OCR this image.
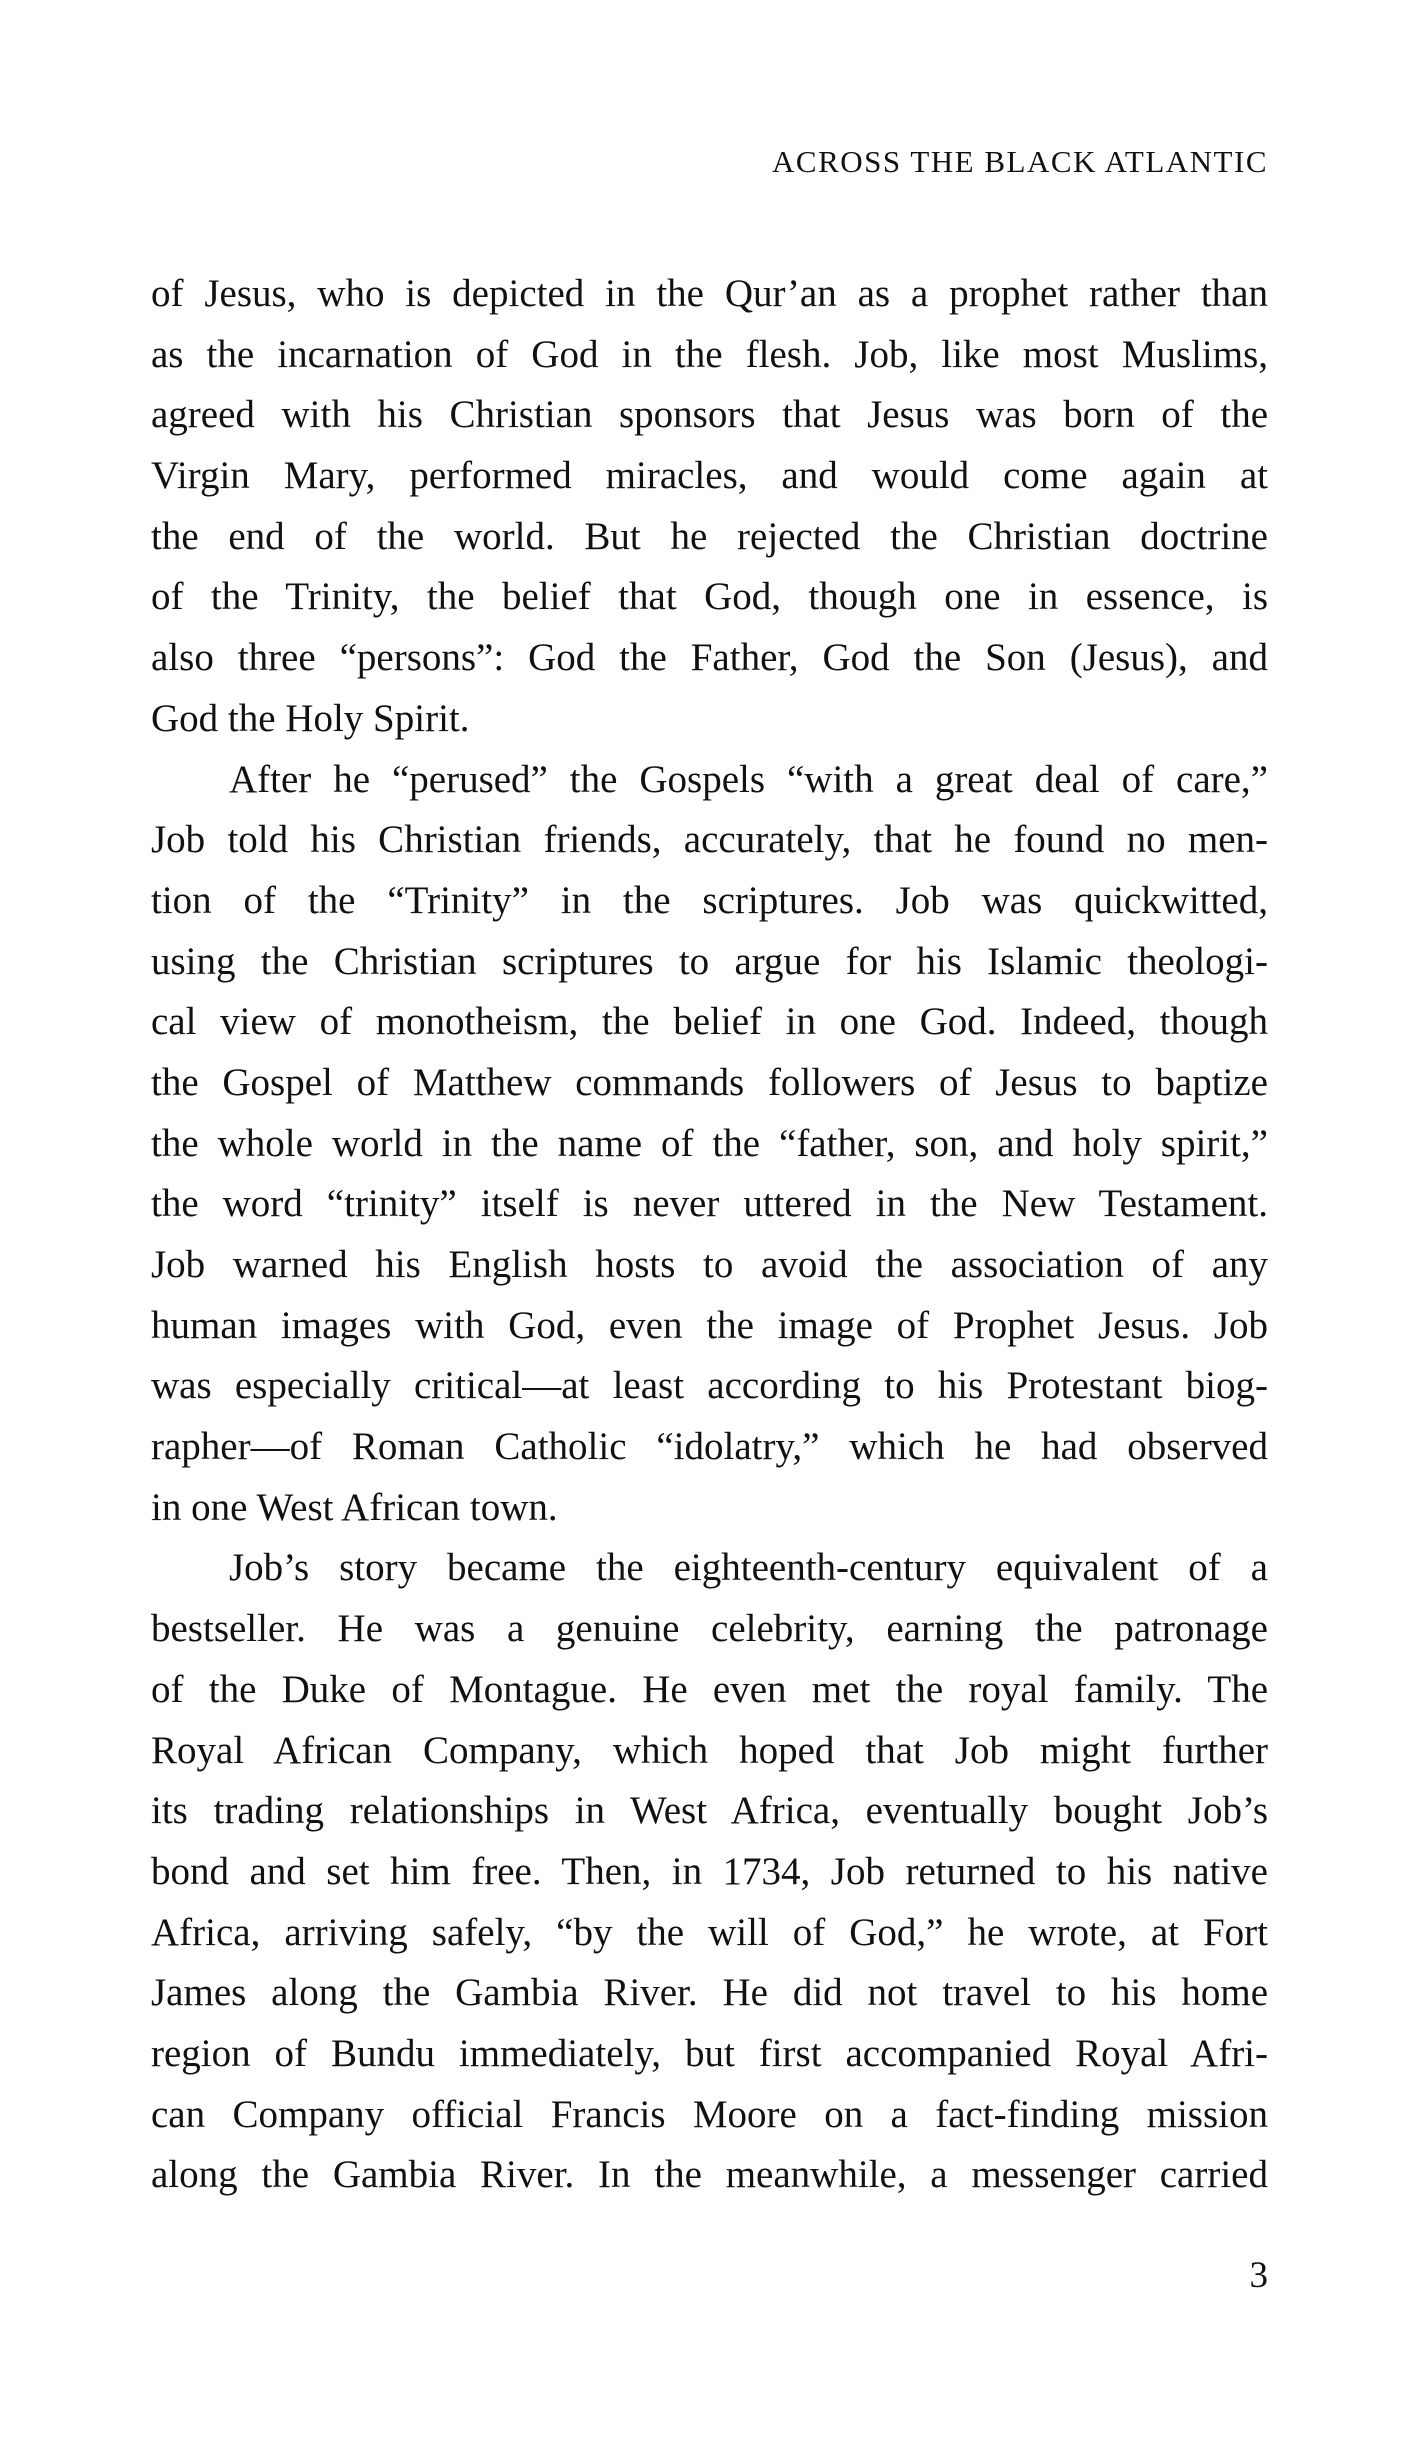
ACROSS THE BLACK ATLANTIC
of Jesus, who is depicted in the Qur’an as a prophet rather than
as the incarnation of God in the flesh. Job, like most Muslims,
agreed with his Christian sponsors that Jesus was born of the
Virgin Mary, performed miracles, and would come again at
the end of the world. But he rejected the Christian doctrine
of the Trinity, the belief that God, though one in essence, is
also three “persons”: God the Father, God the Son (Jesus), and
God the Holy Spirit.
After he “perused” the Gospels “with a great deal of care,”
Job told his Christian friends, accurately, that he found no men-
tion of the “Trinity” in the scriptures. Job was quickwitted,
using the Christian scriptures to argue for his Islamic theologi-
cal view of monotheism, the belief in one God. Indeed, though
the Gospel of Matthew commands followers of Jesus to baptize
the whole world in the name of the “father, son, and holy spirit,”
the word “trinity” itself is never uttered in the New Testament.
Job warned his English hosts to avoid the association of any
human images with God, even the image of Prophet Jesus. Job
was especially critical—at least according to his Protestant biog-
rapher—of Roman Catholic “idolatry,” which he had observed
in one West African town.
Job’s story became the eighteenth-century equivalent of a
bestseller. He was a genuine celebrity, earning the patronage
of the Duke of Montague. He even met the royal family. The
Royal African Company, which hoped that Job might further
its trading relationships in West Africa, eventually bought Job’s
bond and set him free. Then, in 1734, Job returned to his native
Africa, arriving safely, “by the will of God,” he wrote, at Fort
James along the Gambia River. He did not travel to his home
region of Bundu immediately, but first accompanied Royal Afri-
can Company official Francis Moore on a fact-finding mission
along the Gambia River. In the meanwhile, a messenger carried
3
